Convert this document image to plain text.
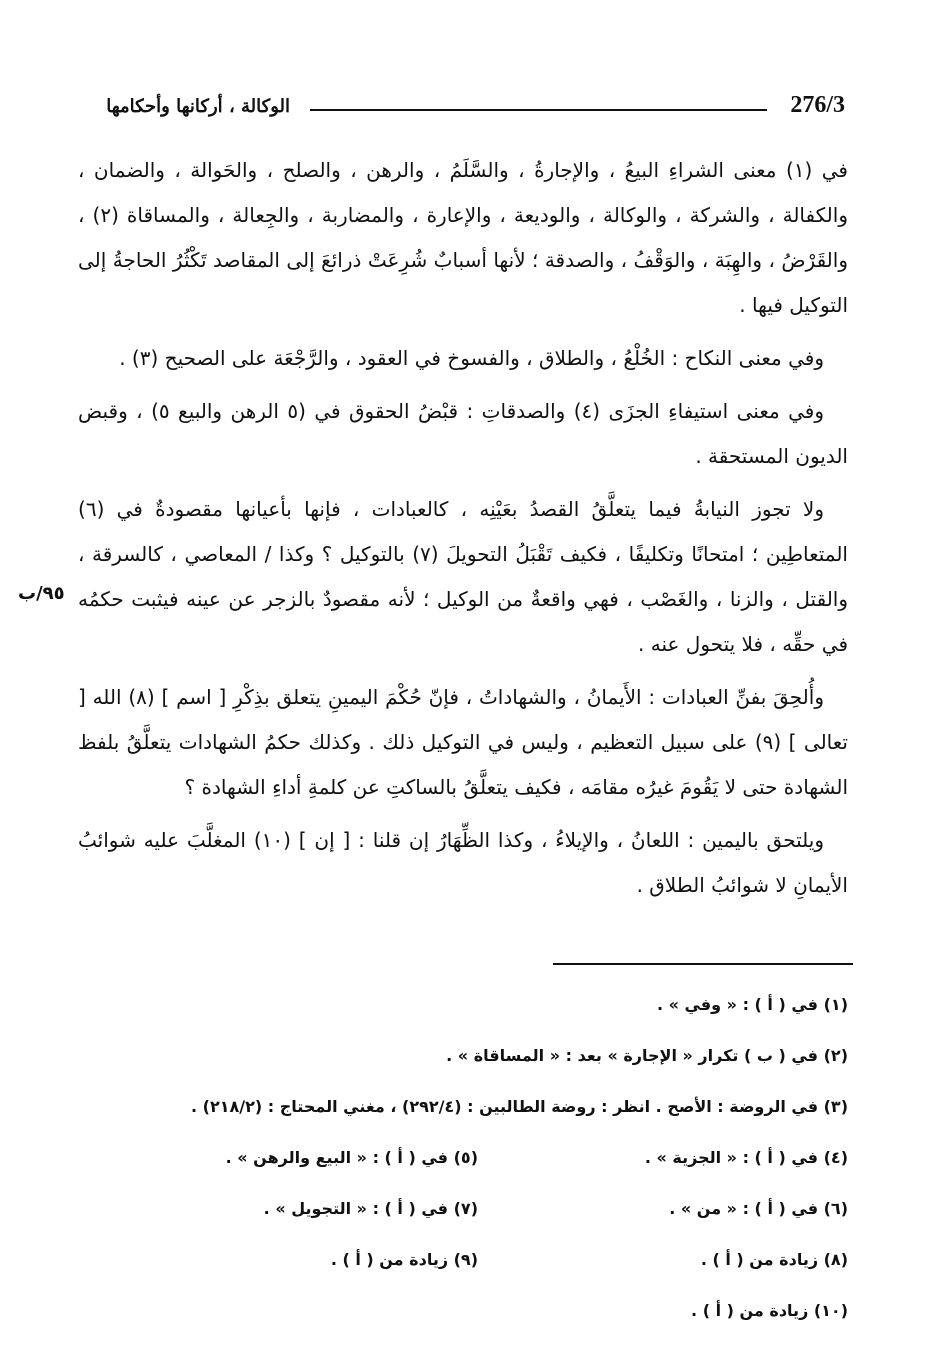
276/3
الوكالة ، أركانها وأحكامها

في (١) معنى الشراءِ البيعُ ، والإجارةُ ، والسَّلَمُ ، والرهن ، والصلح ، والحَوالة ، والضمان ، والكفالة ، والشركة ، والوكالة ، والوديعة ، والإعارة ، والمضاربة ، والجِعالة ، والمساقاة (٢) ، والقَرْضُ ، والهِبَة ، والوَقْفُ ، والصدقة ؛ لأنها أسبابٌ شُرِعَتْ ذرائعَ إلى المقاصد تَكْثُرُ الحاجةُ إلى التوكيل فيها .

وفي معنى النكاح : الخُلْعُ ، والطلاق ، والفسوخ في العقود ، والرَّجْعَة على الصحيح (٣) .

وفي معنى استيفاءِ الجزَى (٤) والصدقاتِ : قبْضُ الحقوق في (٥ الرهن والبيع ٥) ، وقبض الديون المستحقة .

ولا تجوز النيابةُ فيما يتعلَّقُ القصدُ بعَيْنِه ، كالعبادات ، فإنها بأعيانها مقصودةٌ في (٦) المتعاطِين ؛ امتحانًا وتكليفًا ، فكيف تَقْبَلُ التحويلَ (٧) بالتوكيل ؟ وكذا / المعاصي ، كالسرقة ، والقتل ، والزنا ، والغَصْب ، فهي واقعةٌ من الوكيل ؛ لأنه مقصودٌ بالزجر عن عينه فيثبت حكمُه في حقِّه ، فلا يتحول عنه .

وأُلحِقَ بفنِّ العبادات : الأَيمانُ ، والشهاداتُ ، فإنّ حُكْمَ اليمينِ يتعلق بذِكْرِ [ اسم ] (٨) الله [ تعالى ] (٩) على سبيل التعظيم ، وليس في التوكيل ذلك . وكذلك حكمُ الشهادات يتعلَّقُ بلفظ الشهادة حتى لا يَقُومَ غيرُه مقامَه ، فكيف يتعلَّقُ بالساكتِ عن كلمةِ أداءِ الشهادة ؟

ويلتحق باليمين : اللعانُ ، والإيلاءُ ، وكذا الظِّهَارُ إن قلنا : [ إن ] (١٠) المغلَّبَ عليه شوائبُ الأيمانِ لا شوائبُ الطلاق .

٩٥/ب
(١) في ( أ ) : « وفي » .
(٢) في ( ب ) تكرار « الإجارة » بعد : « المساقاة » .
(٣) في الروضة : الأصح . انظر : روضة الطالبين : (٢٩٢/٤) ، مغني المحتاج : (٢١٨/٢) .
(٤) في ( أ ) : « الجزية » .
(٥) في ( أ ) : « البيع والرهن » .
(٦) في ( أ ) : « من » .
(٧) في ( أ ) : « التجويل » .
(٨) زيادة من ( أ ) .
(٩) زيادة من ( أ ) .
(١٠) زيادة من ( أ ) .
